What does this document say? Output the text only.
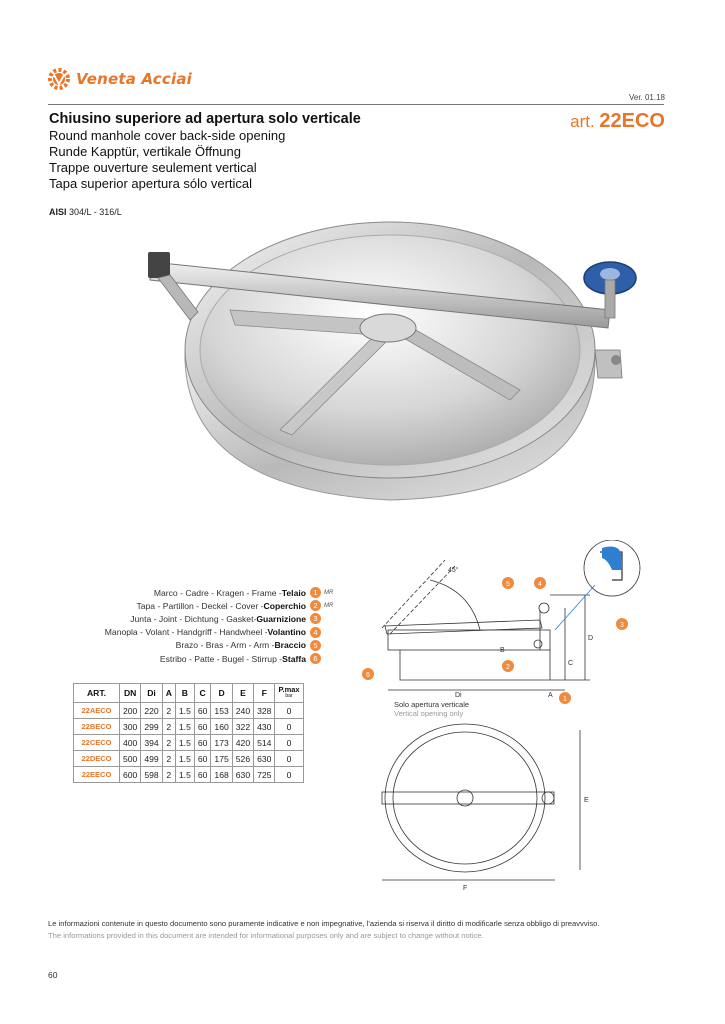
Veneta Acciai
Ver. 01.18
Chiusino superiore ad apertura solo verticale
Round manhole cover back-side opening
Runde Kapptür, vertikale Öffnung
Trappe ouverture seulement vertical
Tapa superior apertura sólo vertical
art. 22ECO
AISI 304/L - 316/L
Marco - Cadre - Kragen - Frame - Telaio 1	MR
Tapa - Partillon - Deckel - Cover - Coperchio 2	MR
Junta - Joint - Dichtung - Gasket- Guarnizione 3
Manopla - Volant - Handgriff - Handwheel - Volantino 4
Brazo - Bras - Arm - Arm - Braccio 5
Estribo - Patte - Bugel - Stirrup - Staffa 6
ART.	DN	Di	A	B	C	D	E	F	P.max
bar

22AECO	200	220	2	1.5	60	153	240	328	0
22BECO	300	299	2	1.5	60	160	322	430	0
22CECO	400	394	2	1.5	60	173	420	514	0
22DECO	500	499	2	1.5	60	175	526	630	0
22EECO	600	598	2	1.5	60	168	630	725	0
Di	A
B
C
D
E
F
45°
1
2
3
4
5
6
Solo apertura verticale
Vertical opening only
Le informazioni contenute in questo documento sono puramente indicative e non impegnative, l'azienda si riserva il diritto di modificarle senza obbligo di preavvviso.
The informations provided in this document are intended for informational purposes only and are subject to change without notice.
60
